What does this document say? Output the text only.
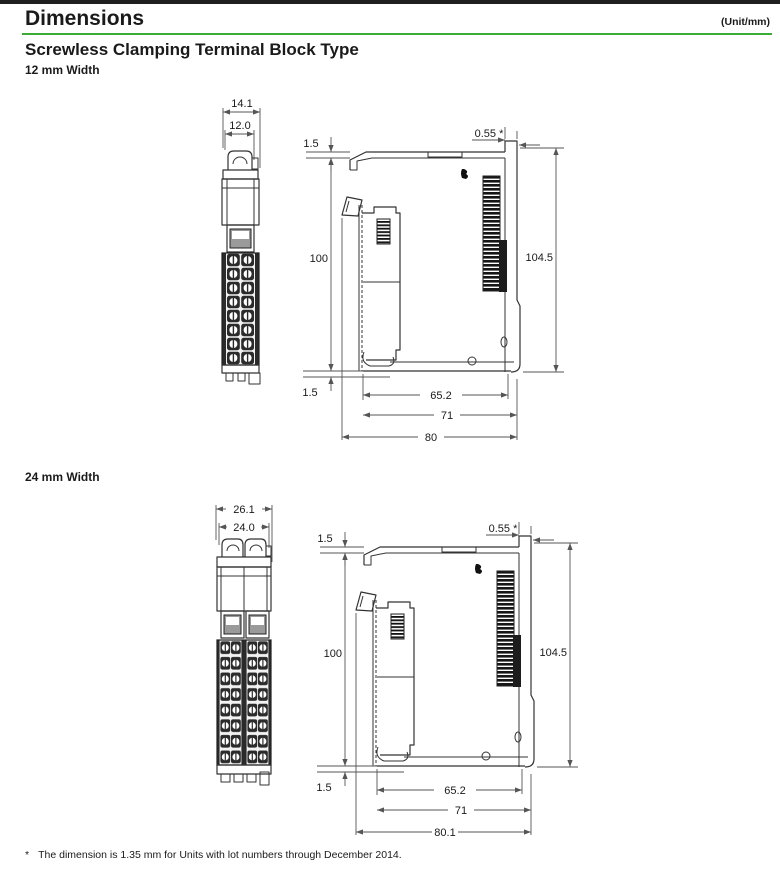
Dimensions	(Unit/mm)
Screwless Clamping Terminal Block Type
12 mm Width
14.1
12.0
1.5
0.55 *
100	104.5
1.5	65.2
71
80
24 mm Width
26.1
24.0
1.5
0.55 *
100	104.5
1.5	65.2
71
80.1
* The dimension is 1.35 mm for Units with lot numbers through December 2014.
